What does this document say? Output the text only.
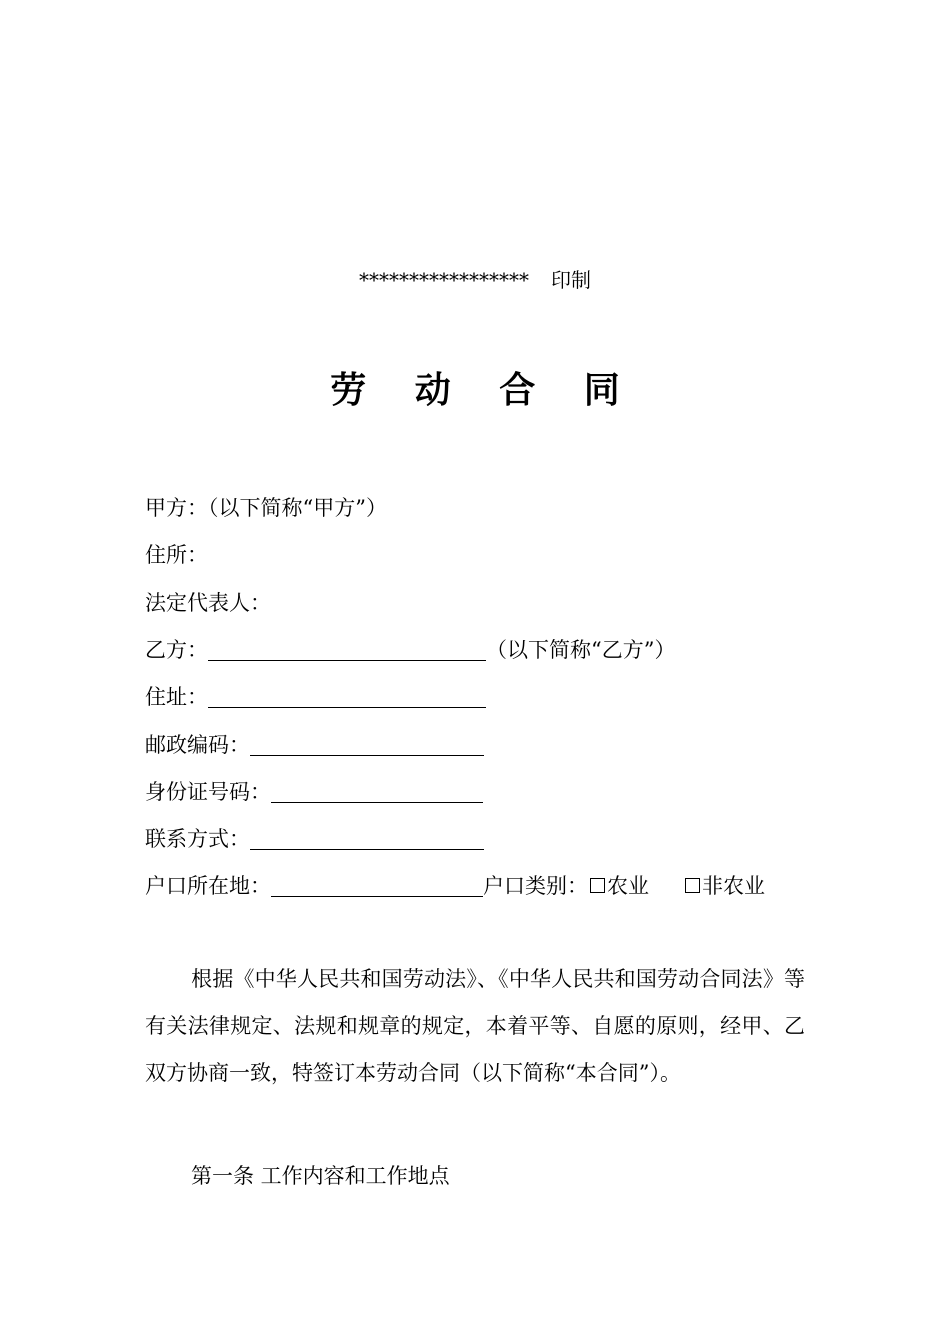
***************** 印制
劳 动 合 同
甲方：（以下简称“甲方”）
住所：
法定代表人：
乙方：	（以下简称“乙方”）
住址：
邮政编码：
身份证号码：
联系方式：
户口所在地：	户口类别： 农业	非农业
根据《中华人民共和国劳动法》、《中华人民共和国劳动合同法》等有关法律规定、法规和规章的规定，本着平等、自愿的原则，经甲、乙双方协商一致，特签订本劳动合同（以下简称“本合同”）。
第一条 工作内容和工作地点
